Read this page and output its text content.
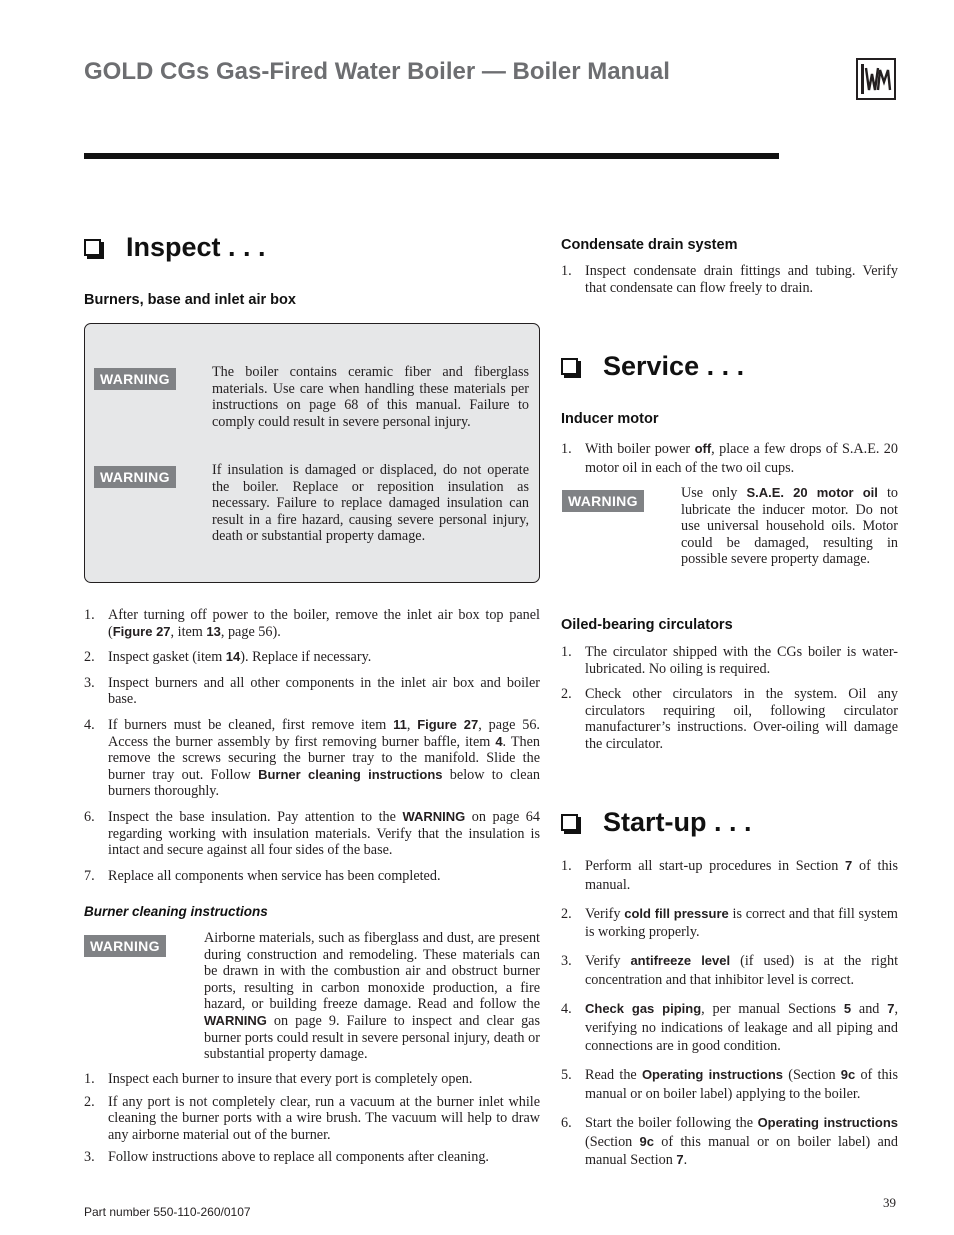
GOLD CGs Gas-Fired Water Boiler — Boiler Manual
Inspect . . .
Burners, base and inlet air box
WARNING	The boiler contains ceramic fiber and fiberglass materials. Use care when handling these materials per instructions on page 68 of this manual. Failure to comply could result in severe personal injury.
WARNING	If insulation is damaged or displaced, do not operate the boiler. Replace or reposition insulation as necessary. Failure to replace damaged insulation can result in a fire hazard, causing severe personal injury, death or substantial property damage.
1. After turning off power to the boiler, remove the inlet air box top panel (Figure 27, item 13, page 56).
2. Inspect gasket (item 14). Replace if necessary.
3. Inspect burners and all other components in the inlet air box and boiler base.
4. If burners must be cleaned, first remove item 11, Figure 27, page 56. Access the burner assembly by first removing burner baffle, item 4. Then remove the screws securing the burner tray to the manifold. Slide the burner tray out. Follow Burner cleaning instructions below to clean burners thoroughly.
6. Inspect the base insulation. Pay attention to the WARNING on page 64 regarding working with insulation materials. Verify that the insulation is intact and secure against all four sides of the base.
7. Replace all components when service has been completed.
Burner cleaning instructions
WARNING	Airborne materials, such as fiberglass and dust, are present during construction and remodeling. These materials can be drawn in with the combustion air and obstruct burner ports, resulting in carbon monoxide production, a fire hazard, or building freeze damage. Read and follow the WARNING on page 9. Failure to inspect and clear gas burner ports could result in severe personal injury, death or substantial property damage.
1. Inspect each burner to insure that every port is completely open.
2. If any port is not completely clear, run a vacuum at the burner inlet while cleaning the burner ports with a wire brush. The vacuum will help to draw any airborne material out of the burner.
3. Follow instructions above to replace all components after cleaning.
Condensate drain system
1. Inspect condensate drain fittings and tubing. Verify that condensate can flow freely to drain.
Service . . .
Inducer motor
1. With boiler power off, place a few drops of S.A.E. 20 motor oil in each of the two oil cups.
WARNING	Use only S.A.E. 20 motor oil to lubricate the inducer motor. Do not use universal household oils. Motor could be damaged, resulting in possible severe property damage.
Oiled-bearing circulators
1. The circulator shipped with the CGs boiler is water-lubricated. No oiling is required.
2. Check other circulators in the system. Oil any circulators requiring oil, following circulator manufacturer’s instructions. Over-oiling will damage the circulator.
Start-up . . .
1. Perform all start-up procedures in Section 7 of this manual.
2. Verify cold fill pressure is correct and that fill system is working properly.
3. Verify antifreeze level (if used) is at the right concentration and that inhibitor level is correct.
4.	Check gas piping, per manual Sections 5 and 7, verifying no indications of leakage and all piping and connections are in good condition.
5. Read the Operating instructions (Section 9c of this manual or on boiler label) applying to the boiler.
6. Start the boiler following the Operating instructions (Section 9c of this manual or on boiler label) and manual Section 7.
Part number 550-110-260/0107
39
